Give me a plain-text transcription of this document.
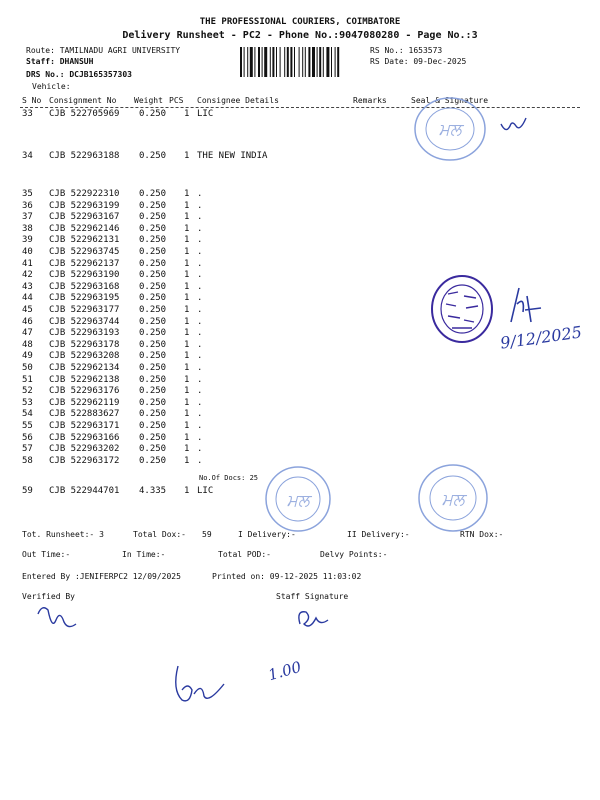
THE PROFESSIONAL COURIERS, COIMBATORE
Delivery Runsheet - PC2 - Phone No.:9047080280 - Page No.:3
Route: TAMILNADU AGRI UNIVERSITY
Staff: DHANSUH
DRS No.: DCJB165357303
Vehicle:
RS No.: 1653573
RS Date: 09-Dec-2025
S No Consignment No Weight PCS Consignee Details	Remarks	Seal & Signature
33 CJB 522705969 0.250 1 LIC
34 CJB 522963188 0.250 1 THE NEW INDIA
35 CJB 522922310 0.250 1 .
36 CJB 522963199 0.250 1 .
37 CJB 522963167 0.250 1 .
38 CJB 522962146 0.250 1 .
39 CJB 522962131 0.250 1 .
40 CJB 522963745 0.250 1 .
41 CJB 522962137 0.250 1 .
42 CJB 522963190 0.250 1 .
43 CJB 522963168 0.250 1 .
44 CJB 522963195 0.250 1 .
45 CJB 522963177 0.250 1 .
46 CJB 522963744 0.250 1 .
47 CJB 522963193 0.250 1 .
48 CJB 522963178 0.250 1 .
49 CJB 522963208 0.250 1 .
50 CJB 522962134 0.250 1 .
51 CJB 522962138 0.250 1 .
52 CJB 522963176 0.250 1 .
53 CJB 522962119 0.250 1 .
54 CJB 522883627 0.250 1 .
55 CJB 522963171 0.250 1 .
56 CJB 522963166 0.250 1 .
57 CJB 522963202 0.250 1 .
58 CJB 522963172 0.250 1 .
59 CJB 522944701 4.335 1 LIC
No.Of Docs: 25
Tot. Runsheet:- 3	Total Dox:- 59	I Delivery:-	II Delivery:-	RTN Dox:-
Out Time:-	In Time:-	Total POD:-	Delvy Points:-
Entered By :JENIFERPC2 12/09/2025	Printed on: 09-12-2025 11:03:02
Verified By	Staff Signature
ਮਲ
ਮਲ	ਮਲ
9/12/2025
1.00
